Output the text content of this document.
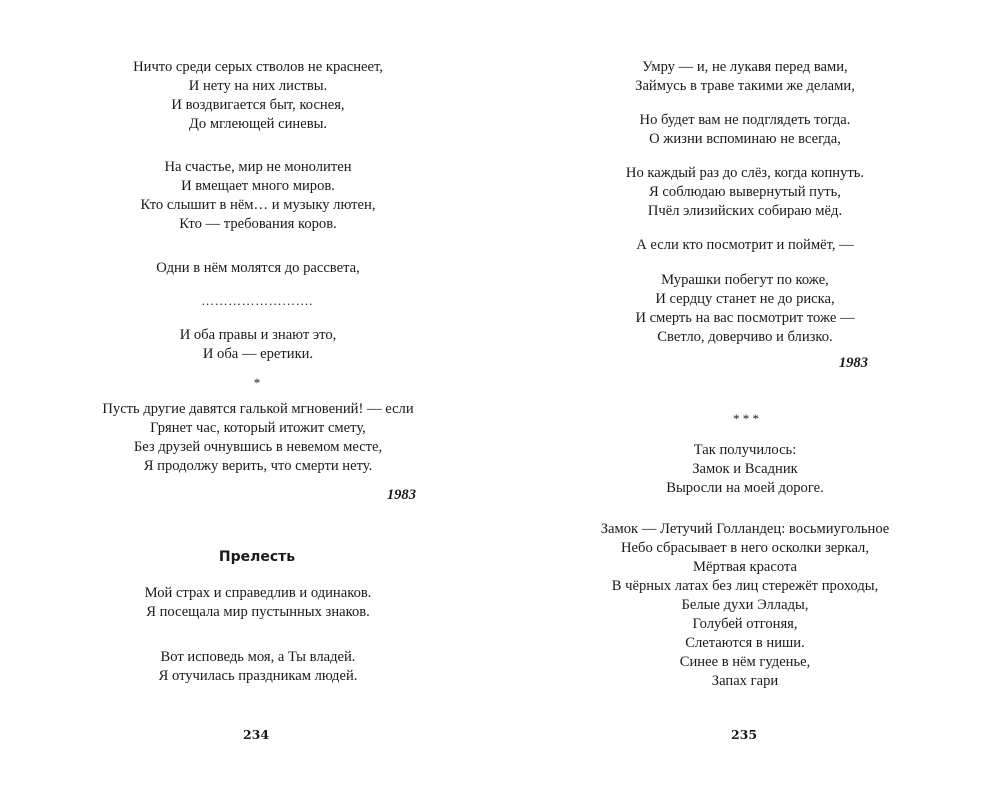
Ничто среди серых стволов не краснеет,
И нету на них листвы.
И воздвигается быт, коснея,
До мглеющей синевы.
На счастье, мир не монолитен
И вмещает много миров.
Кто слышит в нём… и музыку лютен,
Кто — требования коров.
Одни в нём молятся до рассвета,
…………………….
И оба правы и знают это,
И оба — еретики.
*
Пусть другие давятся галькой мгновений! — если
Грянет час, который итожит смету,
Без друзей очнувшись в невемом месте,
Я продолжу верить, что смерти нету.
1983
Прелесть
Мой страх и справедлив и одинаков.
Я посещала мир пустынных знаков.
Вот исповедь моя, а Ты владей.
Я отучилась праздникам людей.
234
Умру — и, не лукавя перед вами,
Займусь в траве такими же делами,
Но будет вам не подглядеть тогда.
О жизни вспоминаю не всегда,
Но каждый раз до слёз, когда копнуть.
Я соблюдаю вывернутый путь,
Пчёл элизийских собираю мёд.
А если кто посмотрит и поймёт, —
Мурашки побегут по коже,
И сердцу станет не до риска,
И смерть на вас посмотрит тоже —
Светло, доверчиво и близко.
1983
* * *
Так получилось:
Замок и Всадник
Выросли на моей дороге.
Замок — Летучий Голландец: восьмиугольное
Небо сбрасывает в него осколки зеркал,
Мёртвая красота
В чёрных латах без лиц стережёт проходы,
Белые духи Эллады,
Голубей отгоняя,
Слетаются в ниши.
Синее в нём гуденье,
Запах гари
235
